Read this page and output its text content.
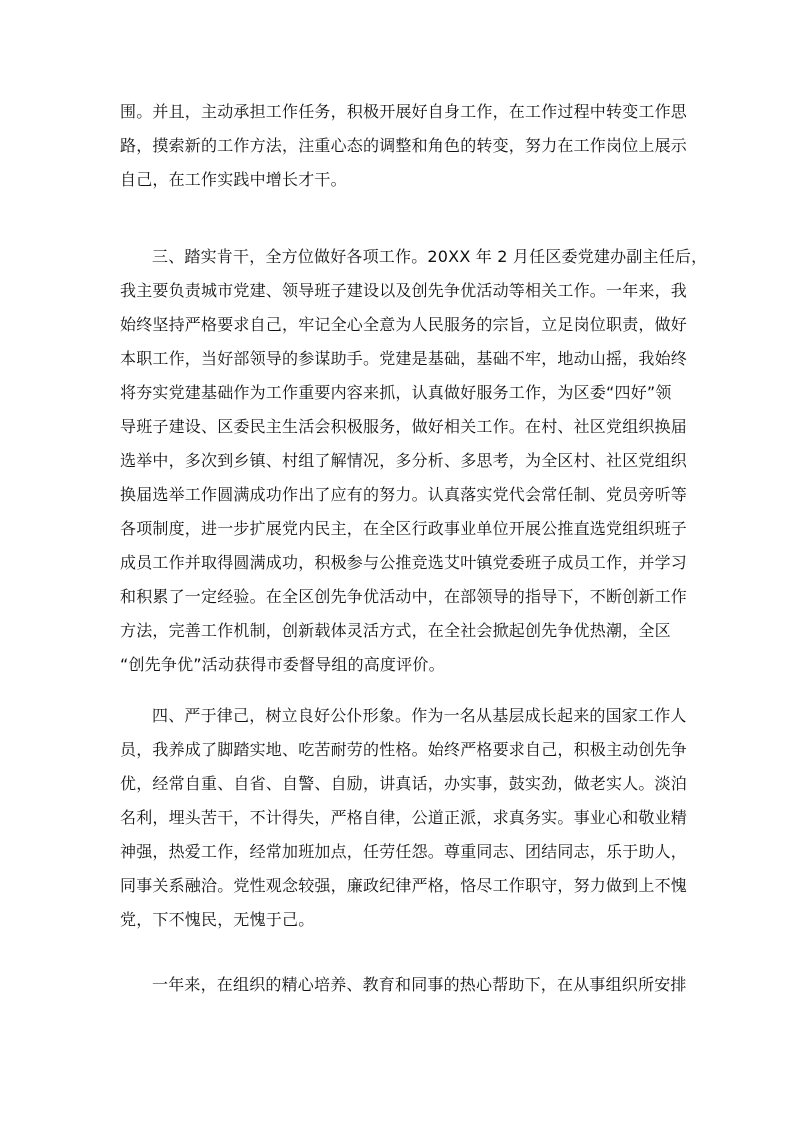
围。并且，主动承担工作任务，积极开展好自身工作，在工作过程中转变工作思
路，摸索新的工作方法，注重心态的调整和角色的转变，努力在工作岗位上展示
自己，在工作实践中增长才干。
三、踏实肯干，全方位做好各项工作。20XX 年 2 月任区委党建办副主任后，
我主要负责城市党建、领导班子建设以及创先争优活动等相关工作。一年来，我
始终坚持严格要求自己，牢记全心全意为人民服务的宗旨，立足岗位职责，做好
本职工作，当好部领导的参谋助手。党建是基础，基础不牢，地动山摇，我始终
将夯实党建基础作为工作重要内容来抓，认真做好服务工作，为区委“四好”领
导班子建设、区委民主生活会积极服务，做好相关工作。在村、社区党组织换届
选举中，多次到乡镇、村组了解情况，多分析、多思考，为全区村、社区党组织
换届选举工作圆满成功作出了应有的努力。认真落实党代会常任制、党员旁听等
各项制度，进一步扩展党内民主，在全区行政事业单位开展公推直选党组织班子
成员工作并取得圆满成功，积极参与公推竞选艾叶镇党委班子成员工作，并学习
和积累了一定经验。在全区创先争优活动中，在部领导的指导下，不断创新工作
方法，完善工作机制，创新载体灵活方式，在全社会掀起创先争优热潮，全区
“创先争优”活动获得市委督导组的高度评价。
四、严于律己，树立良好公仆形象。作为一名从基层成长起来的国家工作人
员，我养成了脚踏实地、吃苦耐劳的性格。始终严格要求自己，积极主动创先争
优，经常自重、自省、自警、自励，讲真话，办实事，鼓实劲，做老实人。淡泊
名利，埋头苦干，不计得失，严格自律，公道正派，求真务实。事业心和敬业精
神强，热爱工作，经常加班加点，任劳任怨。尊重同志、团结同志，乐于助人，
同事关系融洽。党性观念较强，廉政纪律严格，恪尽工作职守，努力做到上不愧
党，下不愧民，无愧于己。
一年来，在组织的精心培养、教育和同事的热心帮助下，在从事组织所安排
